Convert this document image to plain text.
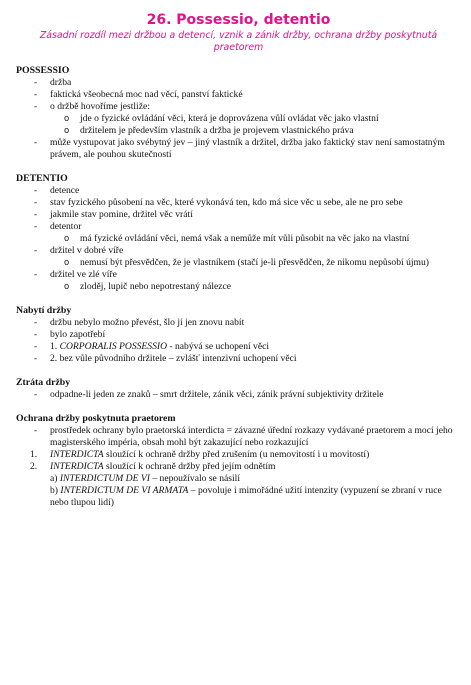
26. Possessio, detentio
Zásadní rozdíl mezi držbou a detencí, vznik a zánik držby, ochrana držby poskytnutá praetorem
POSSESSIO
- držba
- faktická všeobecná moc nad věcí, panství faktické
- o držbě hovoříme jestliže:
o jde o fyzické ovládání věci, která je doprovázena vůlí ovládat věc jako vlastní
o držitelem je především vlastník a držba je projevem vlastnického práva
- může vystupovat jako svébytný jev – jiný vlastník a držitel, držba jako faktický stav není samostatným právem, ale pouhou skutečností
DETENTIO
- detence
- stav fyzického působení na věc, které vykonává ten, kdo má sice věc u sebe, ale ne pro sebe
- jakmile stav pomine, držitel věc vrátí
- detentor
o má fyzické ovládání věci, nemá však a nemůže mít vůli působit na věc jako na vlastní
- držitel v dobré víře
o nemusí být přesvědčen, že je vlastníkem (stačí je-li přesvědčen, že nikomu nepůsobí újmu)
- držitel ve zlé víře
o zloděj, lupič nebo nepotrestaný nálezce
Nabytí držby
- držbu nebylo možno převést, šlo jí jen znovu nabít
- bylo zapotřebí
- 1. CORPORALIS POSSESSIO - nabývá se uchopení věci
- 2. bez vůle původního držitele – zvlášť intenzivní uchopení věci
Ztráta držby
- odpadne-li jeden ze znaků – smrt držitele, zánik věci, zánik právní subjektivity držitele
Ochrana držby poskytnuta praetorem
- prostředek ochrany bylo praetorská interdicta = závazné úřední rozkazy vydávané praetorem a mocí jeho magisterského impéria, obsah mohl být zakazující nebo rozkazující
1. INTERDICTA sloužící k ochraně držby před zrušením (u nemovitostí i u movitostí)
2. INTERDICTA sloužící k ochraně držby před jejím odnětím
a) INTERDICTUM DE VI – nepoužívalo se násilí
b) INTERDICTUM DE VI ARMATA – povoluje i mimořádné užití intenzity (vypuzení se zbraní v ruce nebo tlupou lidí)
